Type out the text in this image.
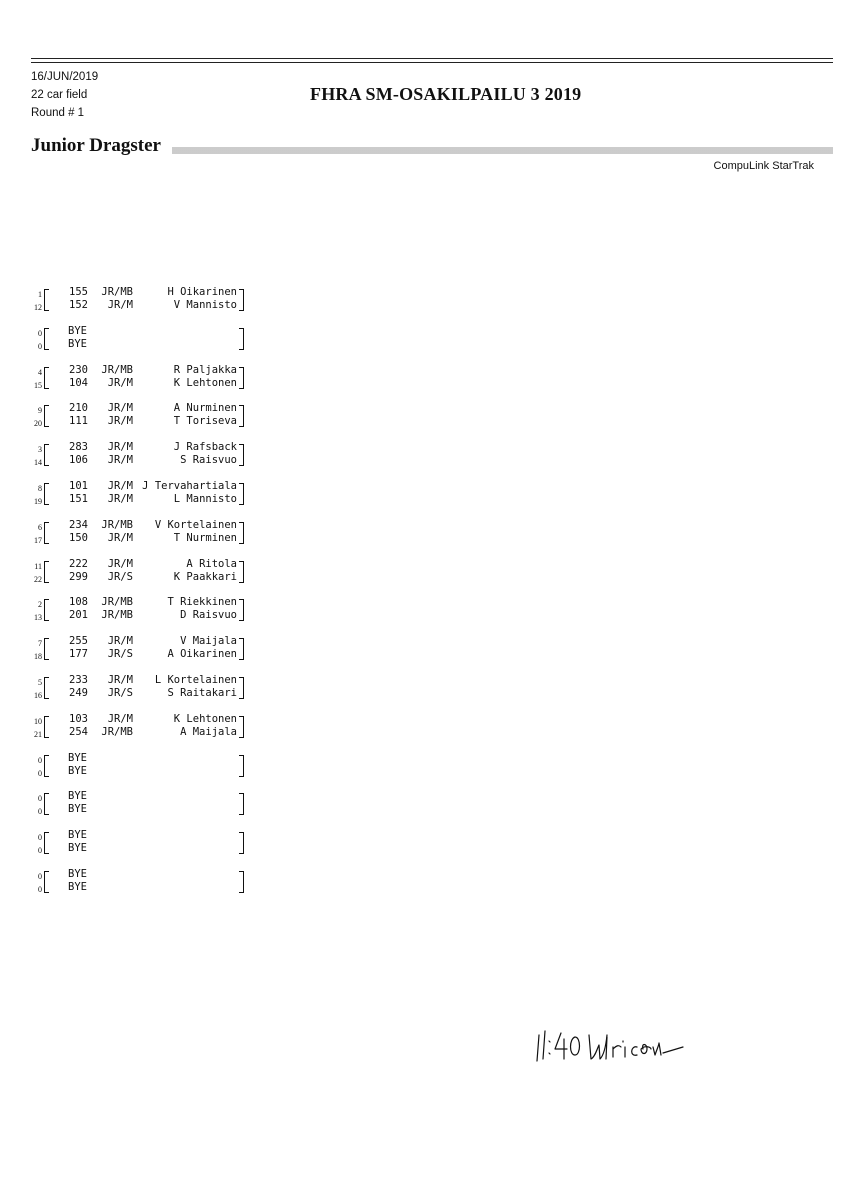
16/JUN/2019
22 car field
Round # 1
FHRA SM-OSAKILPAILU 3 2019
Junior Dragster
CompuLink StarTrak
1
12
155	JR/MB	H Oikarinen
152	JR/M	V Mannisto
0
0
BYE
BYE
4
15
230	JR/MB	R Paljakka
104	JR/M	K Lehtonen
9
20
210	JR/M	A Nurminen
111	JR/M	T Toriseva
3
14
283	JR/M	J Rafsback
106	JR/M	S Raisvuo
8
19
101	JR/M J Tervahartiala
151	JR/M	L Mannisto
6
17
234	JR/MB	V Kortelainen
150	JR/M	T Nurminen
11
22
222	JR/M	A Ritola
299	JR/S	K Paakkari
2
13
108	JR/MB	T Riekkinen
201	JR/MB	D Raisvuo
7
18
255	JR/M	V Maijala
177	JR/S	A Oikarinen
5
16
233	JR/M	L Kortelainen
249	JR/S	S Raitakari
10
21
103	JR/M	K Lehtonen
254	JR/MB	A Maijala
0
0
BYE
BYE
0
0
BYE
BYE
0
0
BYE
BYE
0
0
BYE
BYE
